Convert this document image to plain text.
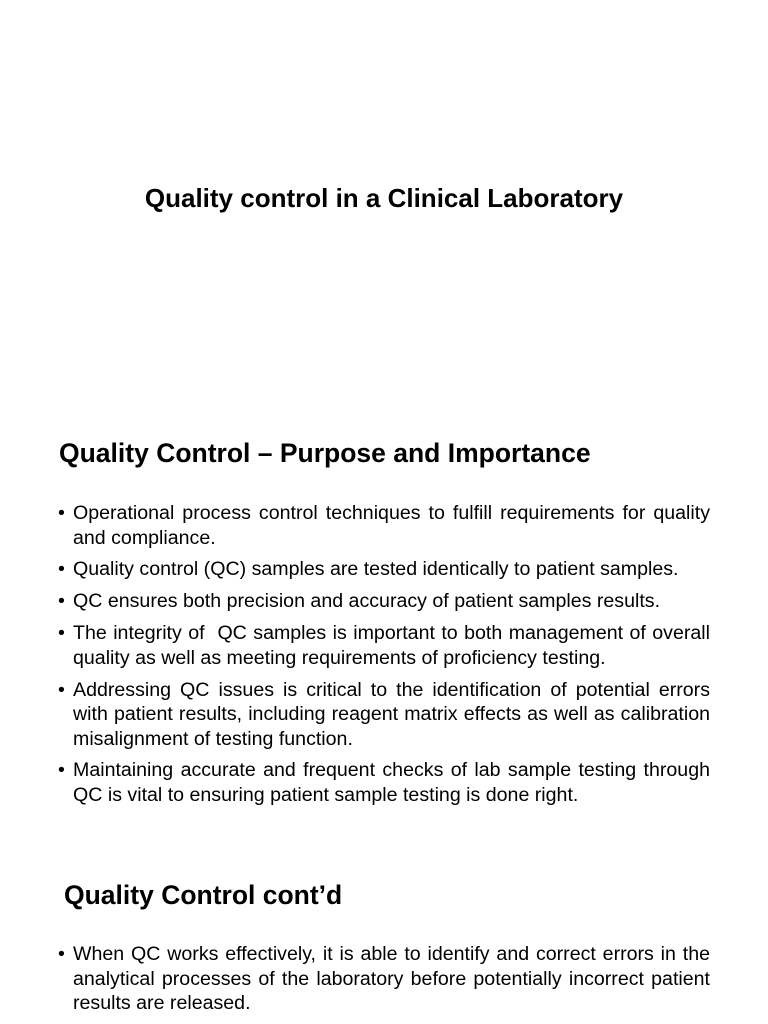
Quality control in a Clinical Laboratory
Quality Control – Purpose and Importance
• Operational process control techniques to fulfill requirements for quality and compliance.
• Quality control (QC) samples are tested identically to patient samples.
• QC ensures both precision and accuracy of patient samples results.
• The integrity of  QC samples is important to both management of overall  quality as well as meeting requirements of proficiency testing.
• Addressing QC issues is critical to the identification of potential errors with patient results, including reagent matrix effects as well as calibration misalignment of testing function.
• Maintaining accurate and frequent checks of lab sample testing through QC is vital to ensuring patient sample testing is done right.
Quality Control cont’d
• When QC works effectively, it is able to identify and correct errors in the analytical processes of the laboratory before potentially incorrect patient results are released.
